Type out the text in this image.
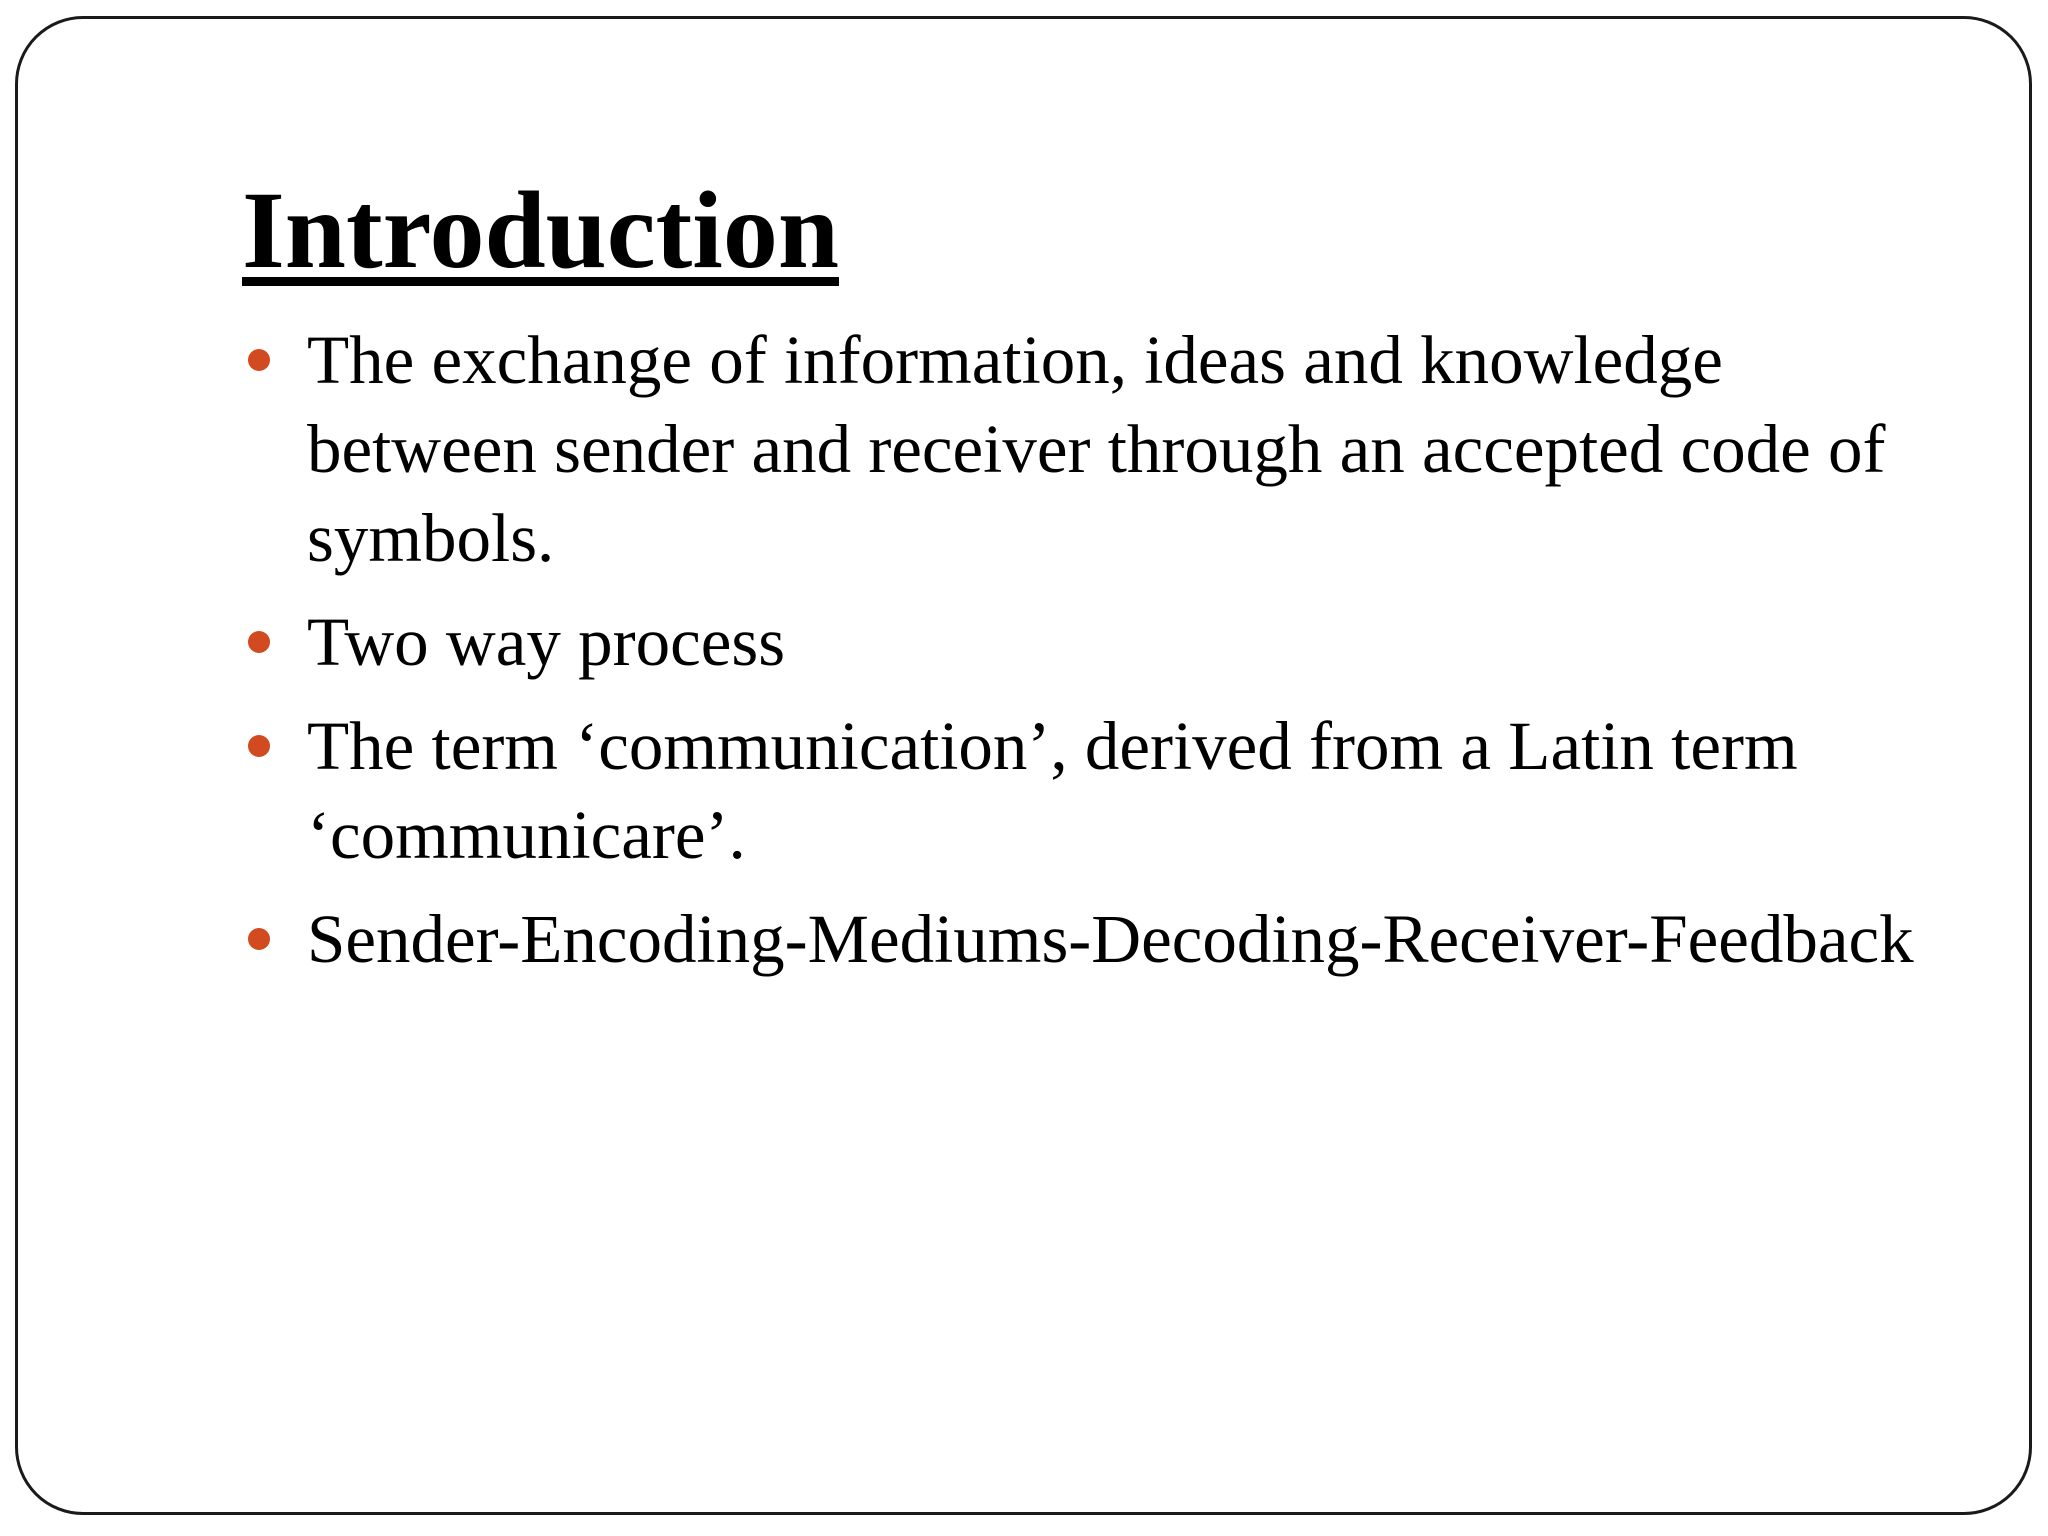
Introduction
The exchange of information, ideas and knowledge between sender and receiver through an accepted code of symbols.
Two way process
The term ‘communication’, derived from a Latin term ‘communicare’.
Sender-Encoding-Mediums-Decoding-Receiver-Feedback
